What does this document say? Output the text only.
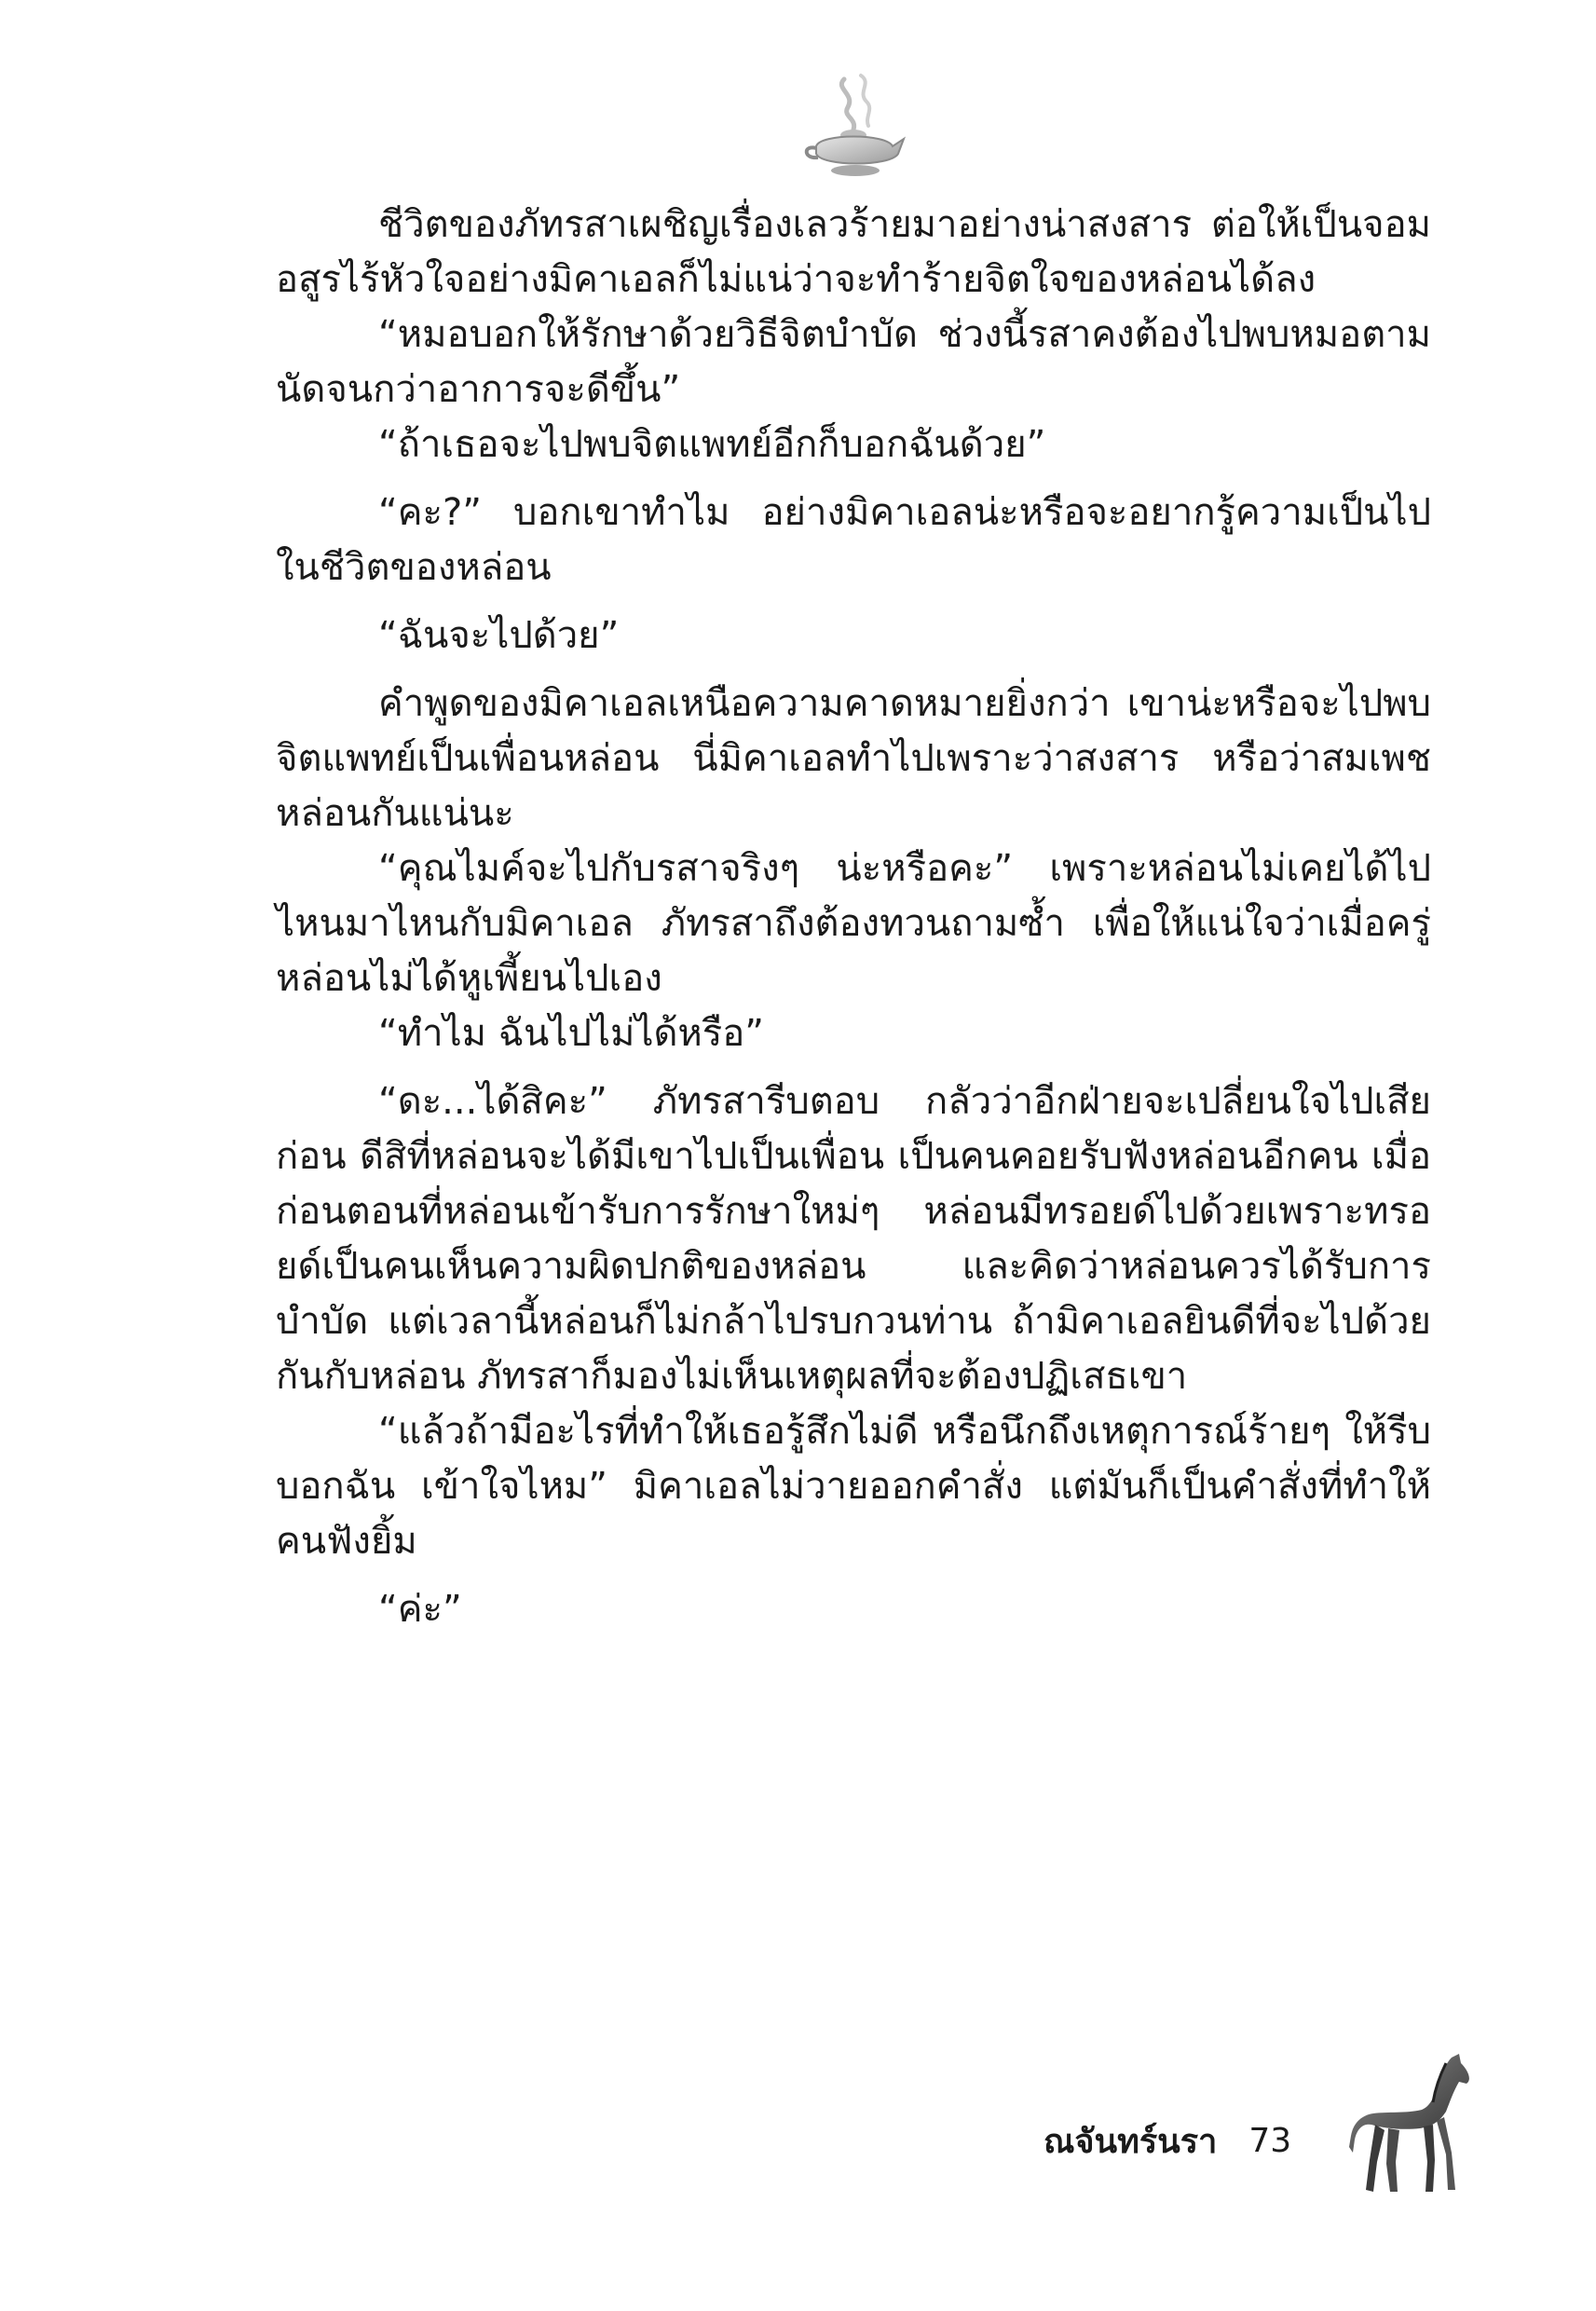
ชีวิตของภัทรสาเผชิญเรื่องเลวร้ายมาอย่างน่าสงสาร ต่อให้เป็นจอมอสูรไร้หัวใจอย่างมิคาเอลก็ไม่แน่ว่าจะทำร้ายจิตใจของหล่อนได้ลง

“หมอบอกให้รักษาด้วยวิธีจิตบำบัด ช่วงนี้รสาคงต้องไปพบหมอตามนัดจนกว่าอาการจะดีขึ้น”

“ถ้าเธอจะไปพบจิตแพทย์อีกก็บอกฉันด้วย”

“คะ?” บอกเขาทำไม อย่างมิคาเอลน่ะหรือจะอยากรู้ความเป็นไปในชีวิตของหล่อน

“ฉันจะไปด้วย”

คำพูดของมิคาเอลเหนือความคาดหมายยิ่งกว่า เขาน่ะหรือจะไปพบจิตแพทย์เป็นเพื่อนหล่อน นี่มิคาเอลทำไปเพราะว่าสงสาร หรือว่าสมเพชหล่อนกันแน่นะ

“คุณไมค์จะไปกับรสาจริงๆ น่ะหรือคะ” เพราะหล่อนไม่เคยได้ไปไหนมาไหนกับมิคาเอล ภัทรสาถึงต้องทวนถามซ้ำ เพื่อให้แน่ใจว่าเมื่อครู่หล่อนไม่ได้หูเพี้ยนไปเอง

“ทำไม ฉันไปไม่ได้หรือ”

“ดะ...ได้สิคะ” ภัทรสารีบตอบ กลัวว่าอีกฝ่ายจะเปลี่ยนใจไปเสียก่อน ดีสิที่หล่อนจะได้มีเขาไปเป็นเพื่อน เป็นคนคอยรับฟังหล่อนอีกคน เมื่อก่อนตอนที่หล่อนเข้ารับการรักษาใหม่ๆ หล่อนมีทรอยด์ไปด้วยเพราะทรอยด์เป็นคนเห็นความผิดปกติของหล่อน และคิดว่าหล่อนควรได้รับการบำบัด แต่เวลานี้หล่อนก็ไม่กล้าไปรบกวนท่าน ถ้ามิคาเอลยินดีที่จะไปด้วยกันกับหล่อน ภัทรสาก็มองไม่เห็นเหตุผลที่จะต้องปฏิเสธเขา

“แล้วถ้ามีอะไรที่ทำให้เธอรู้สึกไม่ดี หรือนึกถึงเหตุการณ์ร้ายๆ ให้รีบบอกฉัน เข้าใจไหม” มิคาเอลไม่วายออกคำสั่ง แต่มันก็เป็นคำสั่งที่ทำให้คนฟังยิ้ม

“ค่ะ”

ณจันทร์นรา 73
